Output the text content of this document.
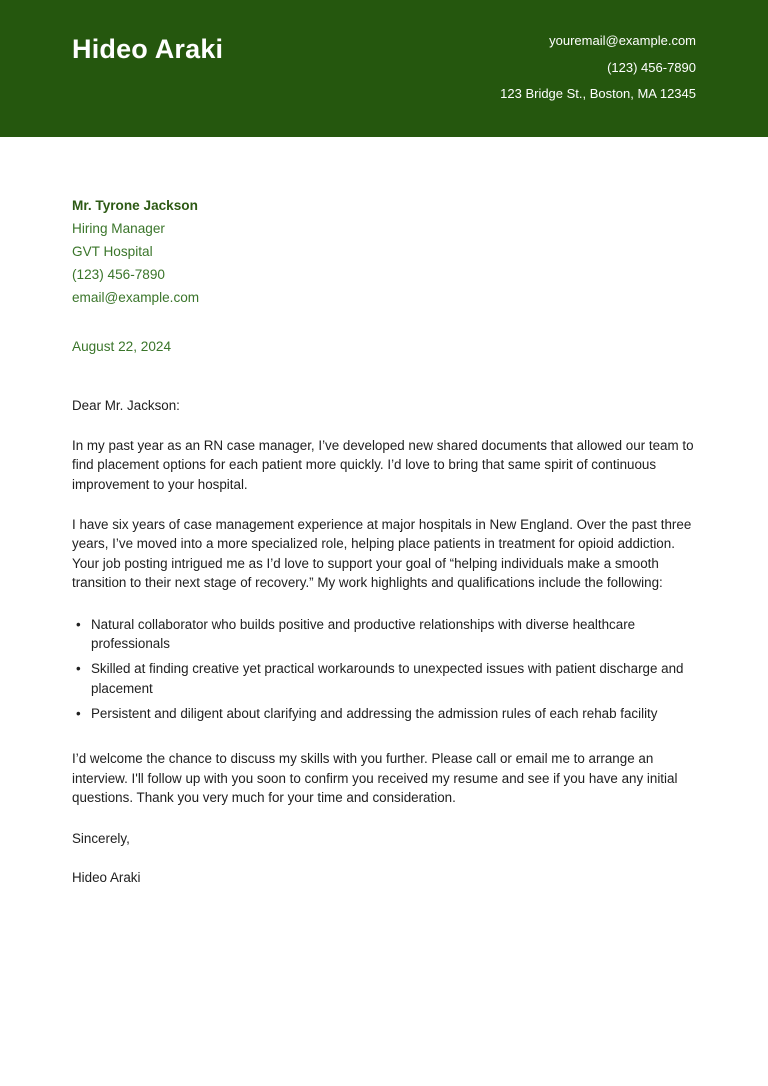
Hideo Araki	youremail@example.com
(123) 456-7890
123 Bridge St., Boston, MA 12345
Mr. Tyrone Jackson
Hiring Manager
GVT Hospital
(123) 456-7890
email@example.com
August 22, 2024
Dear Mr. Jackson:

In my past year as an RN case manager, I’ve developed new shared documents that allowed our team to find placement options for each patient more quickly. I’d love to bring that same spirit of continuous improvement to your hospital.

I have six years of case management experience at major hospitals in New England. Over the past three years, I’ve moved into a more specialized role, helping place patients in treatment for opioid addiction. Your job posting intrigued me as I’d love to support your goal of “helping individuals make a smooth transition to their next stage of recovery.” My work highlights and qualifications include the following:

• Natural collaborator who builds positive and productive relationships with diverse healthcare professionals
• Skilled at finding creative yet practical workarounds to unexpected issues with patient discharge and placement
• Persistent and diligent about clarifying and addressing the admission rules of each rehab facility

I’d welcome the chance to discuss my skills with you further. Please call or email me to arrange an interview. I'll follow up with you soon to confirm you received my resume and see if you have any initial questions. Thank you very much for your time and consideration.

Sincerely,
Hideo Araki
